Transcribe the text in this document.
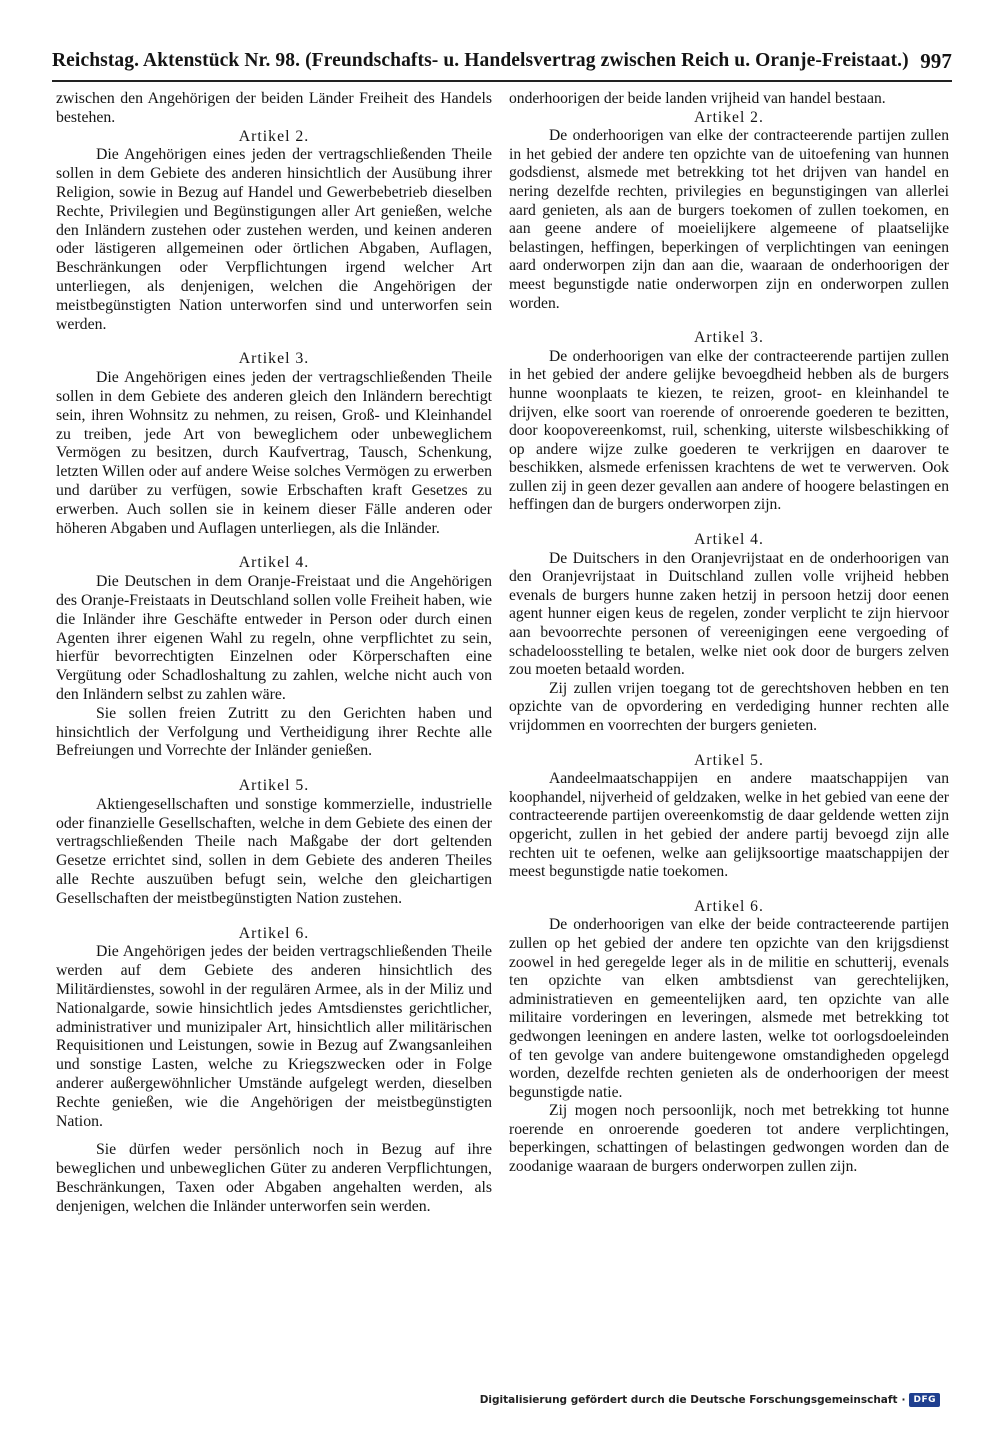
Reichstag. Aktenstück Nr. 98. (Freundschafts- u. Handelsvertrag zwischen Reich u. Oranje-Freistaat.) 997

zwischen den Angehörigen der beiden Länder Freiheit des Handels bestehen.

Artikel 2.

Die Angehörigen eines jeden der vertragschließenden Theile sollen in dem Gebiete des anderen hinsichtlich der Ausübung ihrer Religion, sowie in Bezug auf Handel und Gewerbebetrieb dieselben Rechte, Privilegien und Begünstigungen aller Art genießen, welche den Inländern zustehen oder zustehen werden, und keinen anderen oder lästigeren allgemeinen oder örtlichen Abgaben, Auflagen, Beschränkungen oder Verpflichtungen irgend welcher Art unterliegen, als denjenigen, welchen die Angehörigen der meistbegünstigten Nation unterworfen sind und unterworfen sein werden.

Artikel 3.

Die Angehörigen eines jeden der vertragschließenden Theile sollen in dem Gebiete des anderen gleich den Inländern berechtigt sein, ihren Wohnsitz zu nehmen, zu reisen, Groß- und Kleinhandel zu treiben, jede Art von beweglichem oder unbeweglichem Vermögen zu besitzen, durch Kaufvertrag, Tausch, Schenkung, letzten Willen oder auf andere Weise solches Vermögen zu erwerben und darüber zu verfügen, sowie Erbschaften kraft Gesetzes zu erwerben. Auch sollen sie in keinem dieser Fälle anderen oder höheren Abgaben und Auflagen unterliegen, als die Inländer.

Artikel 4.

Die Deutschen in dem Oranje-Freistaat und die Angehörigen des Oranje-Freistaats in Deutschland sollen volle Freiheit haben, wie die Inländer ihre Geschäfte entweder in Person oder durch einen Agenten ihrer eigenen Wahl zu regeln, ohne verpflichtet zu sein, hierfür bevorrechtigten Einzelnen oder Körperschaften eine Vergütung oder Schadloshaltung zu zahlen, welche nicht auch von den Inländern selbst zu zahlen wäre.

Sie sollen freien Zutritt zu den Gerichten haben und hinsichtlich der Verfolgung und Vertheidigung ihrer Rechte alle Befreiungen und Vorrechte der Inländer genießen.

Artikel 5.

Aktiengesellschaften und sonstige kommerzielle, industrielle oder finanzielle Gesellschaften, welche in dem Gebiete des einen der vertragschließenden Theile nach Maßgabe der dort geltenden Gesetze errichtet sind, sollen in dem Gebiete des anderen Theiles alle Rechte auszuüben befugt sein, welche den gleichartigen Gesellschaften der meistbegünstigten Nation zustehen.

Artikel 6.

Die Angehörigen jedes der beiden vertragschließenden Theile werden auf dem Gebiete des anderen hinsichtlich des Militärdienstes, sowohl in der regulären Armee, als in der Miliz und Nationalgarde, sowie hinsichtlich jedes Amtsdienstes gerichtlicher, administrativer und munizipaler Art, hinsichtlich aller militärischen Requisitionen und Leistungen, sowie in Bezug auf Zwangsanleihen und sonstige Lasten, welche zu Kriegszwecken oder in Folge anderer außergewöhnlicher Umstände aufgelegt werden, dieselben Rechte genießen, wie die Angehörigen der meistbegünstigten Nation.

Sie dürfen weder persönlich noch in Bezug auf ihre beweglichen und unbeweglichen Güter zu anderen Verpflichtungen, Beschränkungen, Taxen oder Abgaben angehalten werden, als denjenigen, welchen die Inländer unterworfen sein werden.

onderhoorigen der beide landen vrijheid van handel bestaan.

Artikel 2.

De onderhoorigen van elke der contracteerende partijen zullen in het gebied der andere ten opzichte van de uitoefening van hunnen godsdienst, alsmede met betrekking tot het drijven van handel en nering dezelfde rechten, privilegies en begunstigingen van allerlei aard genieten, als aan de burgers toekomen of zullen toekomen, en aan geene andere of moeielijkere algemeene of plaatselijke belastingen, heffingen, beperkingen of verplichtingen van eeningen aard onderworpen zijn dan aan die, waaraan de onderhoorigen der meest begunstigde natie onderworpen zijn en onderworpen zullen worden.

Artikel 3.

De onderhoorigen van elke der contracteerende partijen zullen in het gebied der andere gelijke bevoegdheid hebben als de burgers hunne woonplaats te kiezen, te reizen, groot- en kleinhandel te drijven, elke soort van roerende of onroerende goederen te bezitten, door koopovereenkomst, ruil, schenking, uiterste wilsbeschikking of op andere wijze zulke goederen te verkrijgen en daarover te beschikken, alsmede erfenissen krachtens de wet te verwerven. Ook zullen zij in geen dezer gevallen aan andere of hoogere belastingen en heffingen dan de burgers onderworpen zijn.

Artikel 4.

De Duitschers in den Oranjevrijstaat en de onderhoorigen van den Oranjevrijstaat in Duitschland zullen volle vrijheid hebben evenals de burgers hunne zaken hetzij in persoon hetzij door eenen agent hunner eigen keus de regelen, zonder verplicht te zijn hiervoor aan bevoorrechte personen of vereenigingen eene vergoeding of schadeloosstelling te betalen, welke niet ook door de burgers zelven zou moeten betaald worden.

Zij zullen vrijen toegang tot de gerechtshoven hebben en ten opzichte van de opvordering en verdediging hunner rechten alle vrijdommen en voorrechten der burgers genieten.

Artikel 5.

Aandeelmaatschappijen en andere maatschappijen van koophandel, nijverheid of geldzaken, welke in het gebied van eene der contracteerende partijen overeenkomstig de daar geldende wetten zijn opgericht, zullen in het gebied der andere partij bevoegd zijn alle rechten uit te oefenen, welke aan gelijksoortige maatschappijen der meest begunstigde natie toekomen.

Artikel 6.

De onderhoorigen van elke der beide contracteerende partijen zullen op het gebied der andere ten opzichte van den krijgsdienst zoowel in hed geregelde leger als in de militie en schutterij, evenals ten opzichte van elken ambtsdienst van gerechtelijken, administratieven en gemeentelijken aard, ten opzichte van alle militaire vorderingen en leveringen, alsmede met betrekking tot gedwongen leeningen en andere lasten, welke tot oorlogsdoeleinden of ten gevolge van andere buitengewone omstandigheden opgelegd worden, dezelfde rechten genieten als de onderhoorigen der meest begunstigde natie.

Zij mogen noch persoonlijk, noch met betrekking tot hunne roerende en onroerende goederen tot andere verplichtingen, beperkingen, schattingen of belastingen gedwongen worden dan de zoodanige waaraan de burgers onderworpen zullen zijn.

Digitalisierung gefördert durch die Deutsche Forschungsgemeinschaft · DFG
